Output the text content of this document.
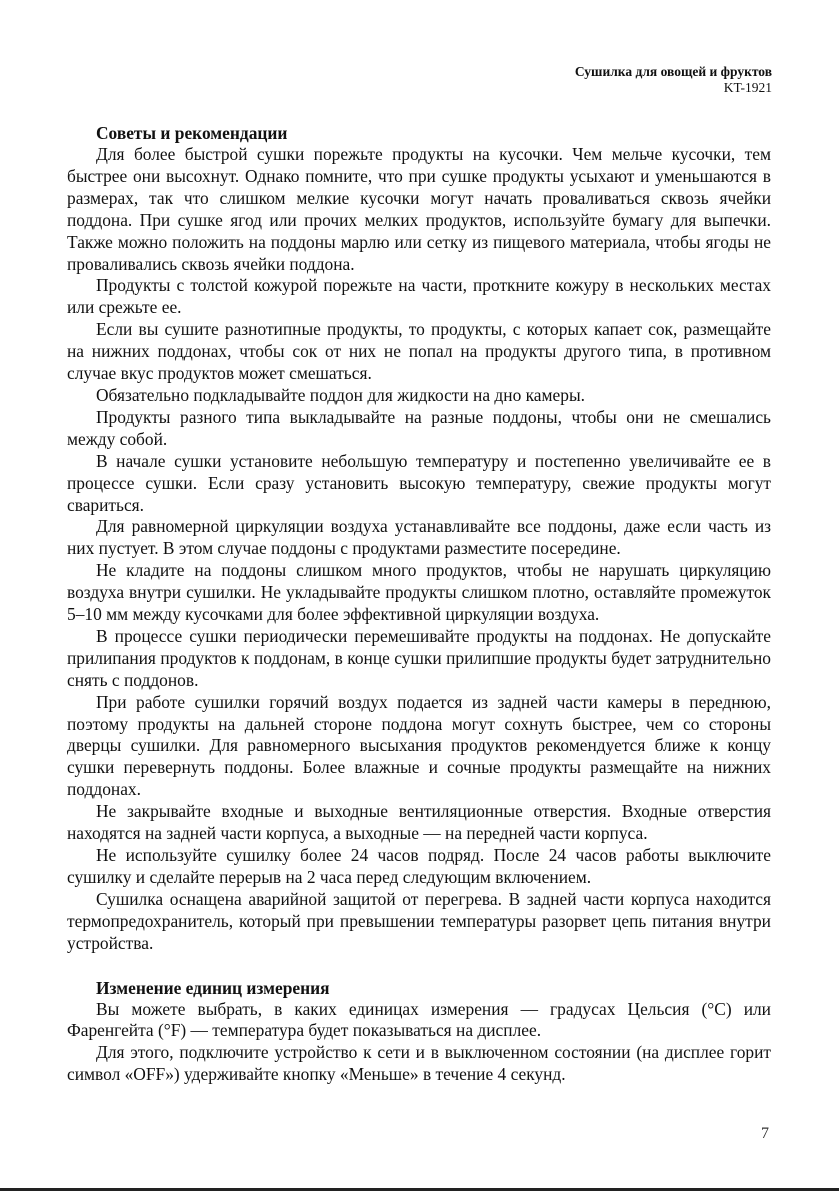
Сушилка для овощей и фруктов
KT-1921
Советы и рекомендации

Для более быстрой сушки порежьте продукты на кусочки. Чем мельче кусочки, тем быстрее они высохнут. Однако помните, что при сушке продукты усыхают и уменьшаются в размерах, так что слишком мелкие кусочки могут начать проваливаться сквозь ячейки поддона. При сушке ягод или прочих мелких продуктов, используйте бумагу для выпечки. Также можно положить на поддоны марлю или сетку из пищевого материала, чтобы ягоды не проваливались сквозь ячейки поддона.

Продукты с толстой кожурой порежьте на части, проткните кожуру в нескольких местах или срежьте ее.

Если вы сушите разнотипные продукты, то продукты, с которых капает сок, размещайте на нижних поддонах, чтобы сок от них не попал на продукты другого типа, в противном случае вкус продуктов может смешаться.

Обязательно подкладывайте поддон для жидкости на дно камеры.

Продукты разного типа выкладывайте на разные поддоны, чтобы они не смешались между собой.

В начале сушки установите небольшую температуру и постепенно увеличивайте ее в процессе сушки. Если сразу установить высокую температуру, свежие продукты могут свариться.

Для равномерной циркуляции воздуха устанавливайте все поддоны, даже если часть из них пустует. В этом случае поддоны с продуктами разместите посередине.

Не кладите на поддоны слишком много продуктов, чтобы не нарушать циркуляцию воздуха внутри сушилки. Не укладывайте продукты слишком плотно, оставляйте промежуток 5–10 мм между кусочками для более эффективной циркуляции воздуха.

В процессе сушки периодически перемешивайте продукты на поддонах. Не допускайте прилипания продуктов к поддонам, в конце сушки прилипшие продукты будет затруднительно снять с поддонов.

При работе сушилки горячий воздух подается из задней части камеры в переднюю, поэтому продукты на дальней стороне поддона могут сохнуть быстрее, чем со стороны дверцы сушилки. Для равномерного высыхания продуктов рекомендуется ближе к концу сушки перевернуть поддоны. Более влажные и сочные продукты размещайте на нижних поддонах.

Не закрывайте входные и выходные вентиляционные отверстия. Входные отверстия находятся на задней части корпуса, а выходные — на передней части корпуса.

Не используйте сушилку более 24 часов подряд. После 24 часов работы выключите сушилку и сделайте перерыв на 2 часа перед следующим включением.

Сушилка оснащена аварийной защитой от перегрева. В задней части корпуса находится термопредохранитель, который при превышении температуры разорвет цепь питания внутри устройства.

Изменение единиц измерения

Вы можете выбрать, в каких единицах измерения — градусах Цельсия (°C) или Фаренгейта (°F) — температура будет показываться на дисплее.

Для этого, подключите устройство к сети и в выключенном состоянии (на дисплее горит символ «OFF») удерживайте кнопку «Меньше» в течение 4 секунд.

7
